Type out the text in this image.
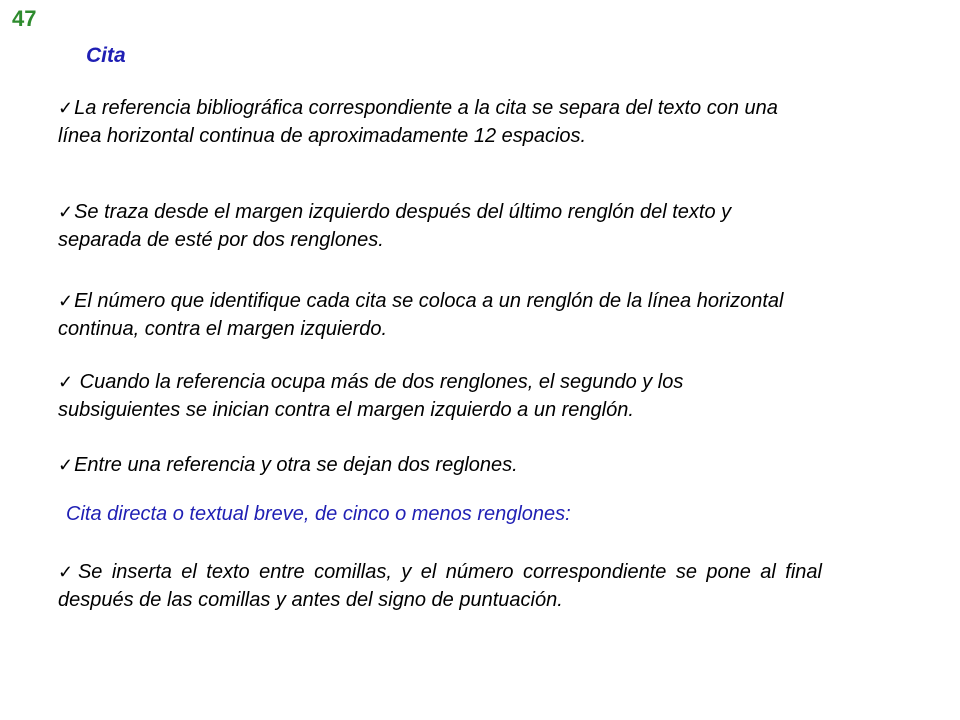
47
Cita
✓La referencia bibliográfica correspondiente a la cita se separa del texto con una línea horizontal continua de aproximadamente 12 espacios.
✓Se traza desde el margen izquierdo después del último renglón del texto y separada de esté por dos renglones.
✓El número que identifique cada cita se coloca a un renglón de la línea horizontal continua, contra el margen izquierdo.
✓ Cuando la referencia ocupa más de dos renglones, el segundo y los subsiguientes se inician contra el margen izquierdo a un renglón.
✓Entre una referencia y otra se dejan dos reglones.
Cita directa o textual breve, de cinco o menos renglones:
✓Se inserta el texto entre comillas, y el número correspondiente se pone al final después de las comillas y antes del signo de puntuación.
